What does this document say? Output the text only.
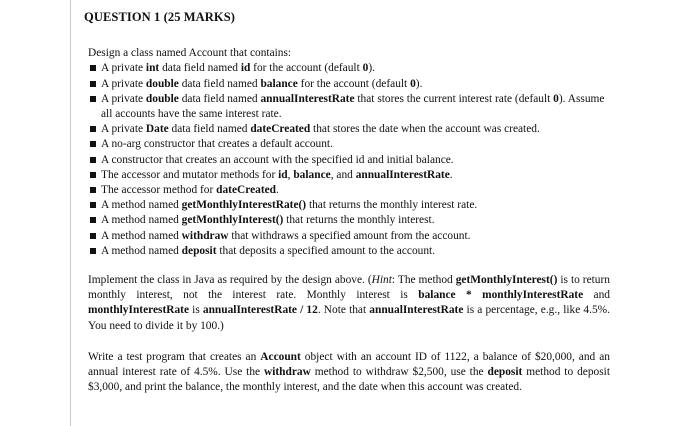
QUESTION 1 (25 MARKS)

Design a class named Account that contains:

A private int data field named id for the account (default 0).
A private double data field named balance for the account (default 0).
A private double data field named annualInterestRate that stores the current interest rate (default 0). Assume all accounts have the same interest rate.
A private Date data field named dateCreated that stores the date when the account was created.
A no-arg constructor that creates a default account.
A constructor that creates an account with the specified id and initial balance.
The accessor and mutator methods for id, balance, and annualInterestRate.
The accessor method for dateCreated.
A method named getMonthlyInterestRate() that returns the monthly interest rate.
A method named getMonthlyInterest() that returns the monthly interest.
A method named withdraw that withdraws a specified amount from the account.
A method named deposit that deposits a specified amount to the account.

Implement the class in Java as required by the design above. (Hint: The method getMonthlyInterest() is to return monthly interest, not the interest rate. Monthly interest is balance * monthlyInterestRate and monthlyInterestRate is annualInterestRate / 12. Note that annualInterestRate is a percentage, e.g., like 4.5%. You need to divide it by 100.)

Write a test program that creates an Account object with an account ID of 1122, a balance of $20,000, and an annual interest rate of 4.5%. Use the withdraw method to withdraw $2,500, use the deposit method to deposit $3,000, and print the balance, the monthly interest, and the date when this account was created.
